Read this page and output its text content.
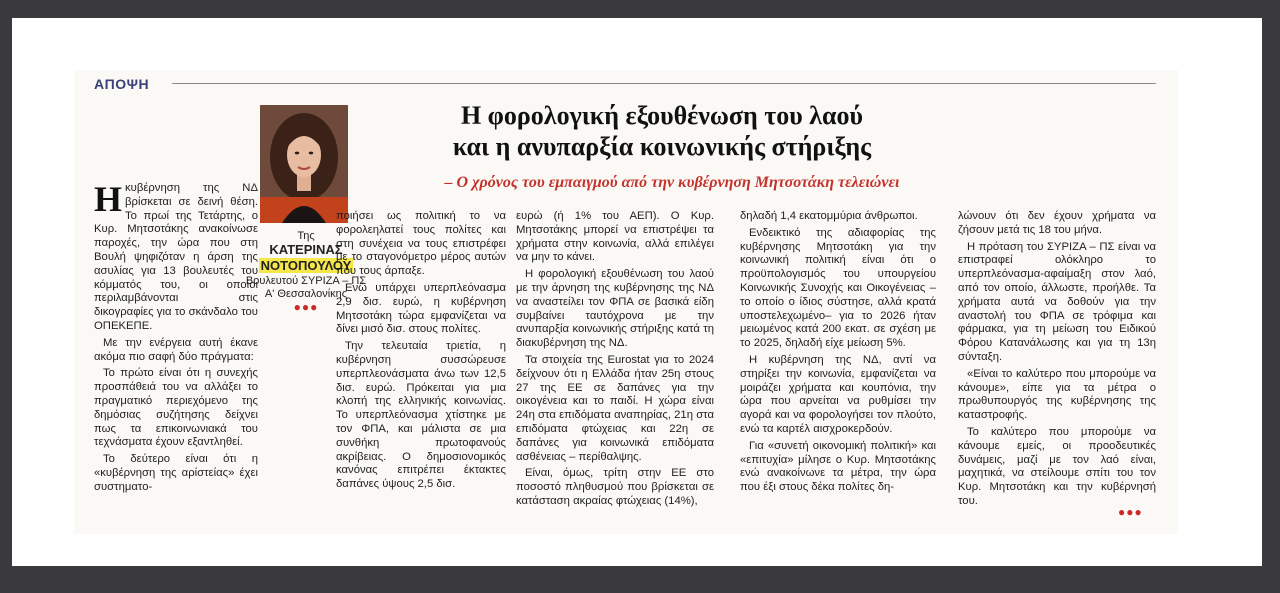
ΑΠΟΨΗ
Της
ΚΑΤΕΡΙΝΑΣ
ΝΟΤΟΠΟΥΛΟΥ
Βουλευτού ΣΥΡΙΖΑ – ΠΣ
Α' Θεσσαλονίκης
●●●
Η φορολογική εξουθένωση του λαού
και η ανυπαρξία κοινωνικής στήριξης
– Ο χρόνος του εμπαιγμού από την κυβέρνηση Μητσοτάκη τελειώνει

Ηκυβέρνηση της ΝΔ βρίσκεται σε δεινή θέση. Το πρωί της Τετάρτης, ο Κυρ. Μητσοτάκης ανακοίνωσε παροχές, την ώρα που στη Βουλή ψηφιζόταν η άρση της ασυλίας για 13 βουλευτές του κόμματός του, οι οποίοι περιλαμβάνονται στις δικογραφίες για το σκάνδαλο του ΟΠΕΚΕΠΕ.

Με την ενέργεια αυτή έκανε ακόμα πιο σαφή δύο πράγματα:

Το πρώτο είναι ότι η συνεχής προσπάθειά του να αλλάξει το πραγματικό περιεχόμενο της δημόσιας συζήτησης δείχνει πως τα επικοινωνιακά του τεχνάσματα έχουν εξαντληθεί.

Το δεύτερο είναι ότι η «κυβέρνηση της αρίστείας» έχει συστηματο-

ποιήσει ως πολιτική το να φορολεηλατεί τους πολίτες και στη συνέχεια να τους επιστρέφει με το σταγονόμετρο μέρος αυτών που τους άρπαξε.

Ενώ υπάρχει υπερπλεόνασμα 2,9 δισ. ευρώ, η κυβέρνηση Μητσοτάκη τώρα εμφανίζεται να δίνει μισό δισ. στους πολίτες.

Την τελευταία τριετία, η κυβέρνηση συσσώρευσε υπερπλεονάσματα άνω των 12,5 δισ. ευρώ. Πρόκειται για μια κλοπή της ελληνικής κοινωνίας. Το υπερπλεόνασμα χτίστηκε με τον ΦΠΑ, και μάλιστα σε μια συνθήκη πρωτοφανούς ακρίβειας. Ο δημοσιονομικός κανόνας επιτρέπει έκτακτες δαπάνες ύψους 2,5 δισ.

ευρώ (ή 1% του ΑΕΠ). Ο Κυρ. Μητσοτάκης μπορεί να επιστρέψει τα χρήματα στην κοινωνία, αλλά επιλέγει να μην το κάνει.

Η φορολογική εξουθένωση του λαού με την άρνηση της κυβέρνησης της ΝΔ να αναστείλει τον ΦΠΑ σε βασικά είδη συμβαίνει ταυτόχρονα με την ανυπαρξία κοινωνικής στήριξης κατά τη διακυβέρνηση της ΝΔ.

Τα στοιχεία της Eurostat για το 2024 δείχνουν ότι η Ελλάδα ήταν 25η στους 27 της ΕΕ σε δαπάνες για την οικογένεια και το παιδί. Η χώρα είναι 24η στα επιδόματα αναπηρίας, 21η στα επιδόματα φτώχειας και 22η σε δαπάνες για κοινωνικά επιδόματα ασθένειας – περίθαλψης.

Είναι, όμως, τρίτη στην ΕΕ στο ποσοστό πληθυσμού που βρίσκεται σε κατάσταση ακραίας φτώχειας (14%),

δηλαδή 1,4 εκατομμύρια άνθρωποι.

Ενδεικτικό της αδιαφορίας της κυβέρνησης Μητσοτάκη για την κοινωνική πολιτική είναι ότι ο προϋπολογισμός του υπουργείου Κοινωνικής Συνοχής και Οικογένειας –το οποίο ο ίδιος σύστησε, αλλά κρατά υποστελεχωμένο– για το 2026 ήταν μειωμένος κατά 200 εκατ. σε σχέση με το 2025, δηλαδή είχε μείωση 5%.

Η κυβέρνηση της ΝΔ, αντί να στηρίξει την κοινωνία, εμφανίζεται να μοιράζει χρήματα και κουπόνια, την ώρα που αρνείται να ρυθμίσει την αγορά και να φορολογήσει τον πλούτο, ενώ τα καρτέλ αισχροκερδούν.

Για «συνετή οικονομική πολιτική» και «επιτυχία» μίλησε ο Κυρ. Μητσοτάκης ενώ ανακοίνωνε τα μέτρα, την ώρα που έξι στους δέκα πολίτες δη-

λώνουν ότι δεν έχουν χρήματα να ζήσουν μετά τις 18 του μήνα.

Η πρόταση του ΣΥΡΙΖΑ – ΠΣ είναι να επιστραφεί ολόκληρο το υπερπλεόνασμα-αφαίμαξη στον λαό, από τον οποίο, άλλωστε, προήλθε. Τα χρήματα αυτά να δοθούν για την αναστολή του ΦΠΑ σε τρόφιμα και φάρμακα, για τη μείωση του Ειδικού Φόρου Κατανάλωσης και για τη 13η σύνταξη.

«Είναι το καλύτερο που μπορούμε να κάνουμε», είπε για τα μέτρα ο πρωθυπουργός της κυβέρνησης της καταστροφής.

Το καλύτερο που μπορούμε να κάνουμε εμείς, οι προοδευτικές δυνάμεις, μαζί με τον λαό είναι, μαχητικά, να στείλουμε σπίτι του τον Κυρ. Μητσοτάκη και την κυβέρνησή του.

●●●
